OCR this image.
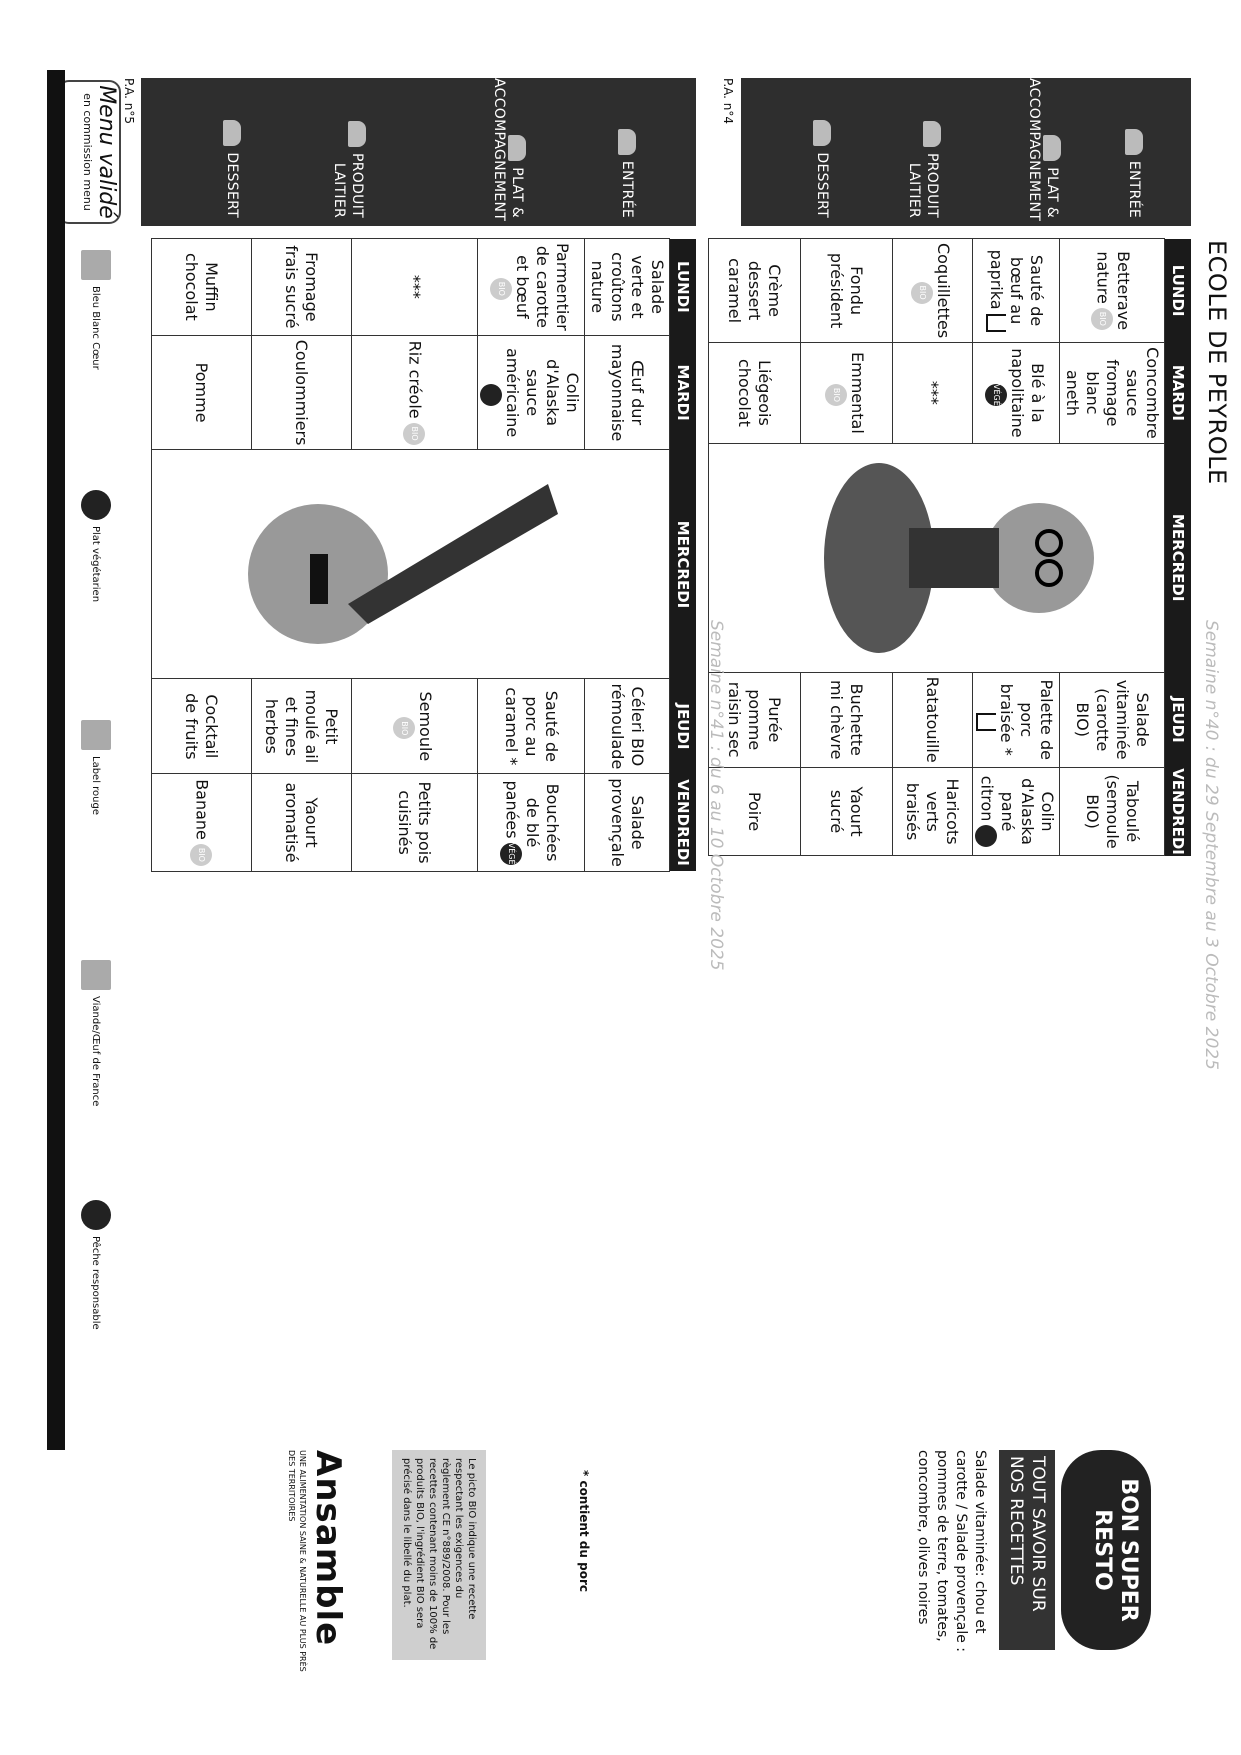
ECOLE DE PEYROLE
Semaine n°40 : du 29 Septembre au 3 Octobre 2025
P.A. n°4
ENTRÉE
PLAT & ACCOMPAGNEMENT
PRODUIT LAITIER
DESSERT
LUNDI	MARDI	MERCREDI	JEUDI	VENDREDI
Betterave natureBIO	Concombre sauce fromage blanc aneth		Salade vitaminée (carotte BIO)	Taboulé (semoule BIO)
Sauté de bœuf au paprika	Blé à la napolitaineVÉGÉ		Palette de porc braisée *	Colin d'Alaska pané citron
CoquillettesBIO	***		Ratatouille	Haricots verts braisés
Fondu président	EmmentalBIO		Buchette mi chèvre	Yaourt sucré
Crème dessert caramel	Liégeois chocolat		Purée pomme raisin sec	Poire
Semaine n°41 : du 6 au 10 Octobre 2025
P.A. n°5
ENTRÉE
PLAT & ACCOMPAGNEMENT
PRODUIT LAITIER
DESSERT
LUNDI	MARDI	MERCREDI	JEUDI	VENDREDI
Salade verte et croûtons nature	Œuf dur mayonnaise		Céleri BIO rémoulade	Salade provençale
Parmentier de carotte et bœufBIO	Colin d'Alaska sauce américaine		Sauté de porc au caramel *	Bouchées de blé panéesVÉGÉ
***	Riz créoleBIO		SemouleBIO	Petits pois cuisinés
Fromage frais sucré	Coulommiers		Petit moulé ail et fines herbes	Yaourt aromatisé
Muffin chocolat	Pomme		Cocktail de fruits	BananeBIO
BON SUPER
RESTO
TOUT SAVOIR SUR NOS RECETTES
Salade vitaminée: chou et carotte / Salade provençale : pommes de terre, tomates, concombre, olives noires
* contient du porc
Le picto BIO indique une recette respectant les exigences du règlement CE n°889/2008. Pour les recettes contenant moins de 100% de produits BIO, l'ingrédient BIO sera précisé dans le libellé du plat.
Ansamble
UNE ALIMENTATION SAINE & NATURELLE AU PLUS PRÈS DES TERRITOIRES
Menu validé
en commission menu
Bleu Blanc Cœur
Plat végétarien
Label rouge
Viande/Œuf de France
Pêche responsable
